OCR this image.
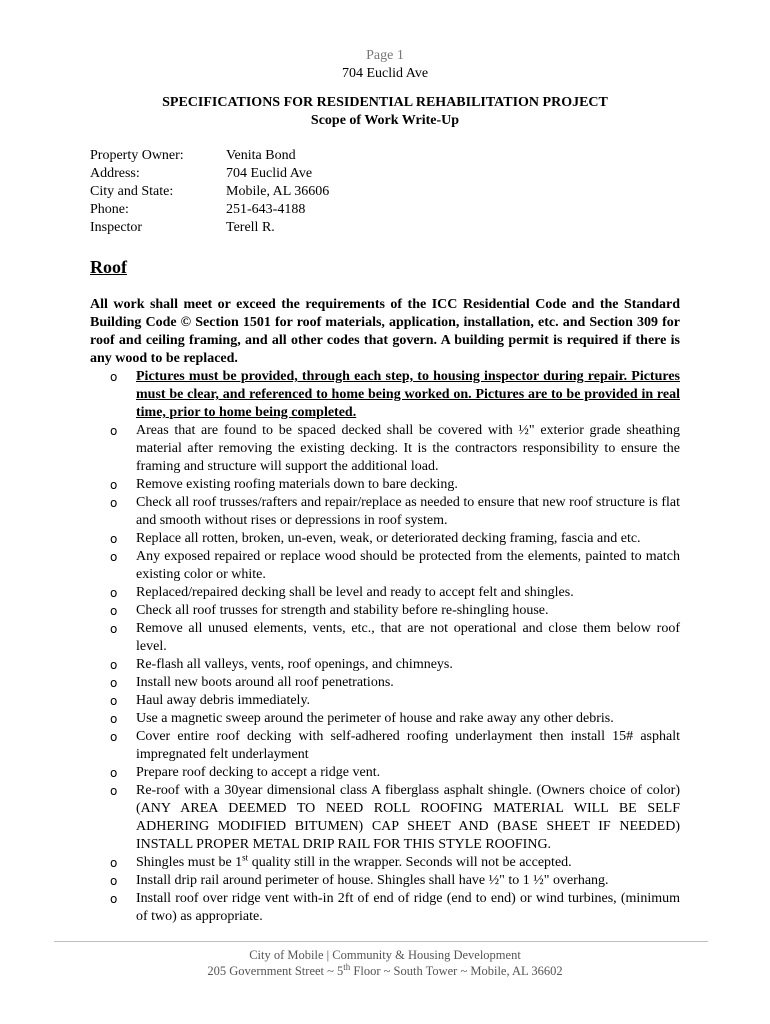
Page 1
704 Euclid Ave
SPECIFICATIONS FOR RESIDENTIAL REHABILITATION PROJECT
Scope of Work Write-Up
Property Owner:	Venita Bond
Address:	704 Euclid Ave
City and State:	Mobile, AL 36606
Phone:	251-643-4188
Inspector	Terell R.
Roof
All work shall meet or exceed the requirements of the ICC Residential Code and the Standard Building Code © Section 1501 for roof materials, application, installation, etc. and Section 309 for roof and ceiling framing, and all other codes that govern. A building permit is required if there is any wood to be replaced.
o	Pictures must be provided, through each step, to housing inspector during repair. Pictures must be clear, and referenced to home being worked on. Pictures are to be provided in real time, prior to home being completed.
o	Areas that are found to be spaced decked shall be covered with ½" exterior grade sheathing material after removing the existing decking. It is the contractors responsibility to ensure the framing and structure will support the additional load.
o	Remove existing roofing materials down to bare decking.
o	Check all roof trusses/rafters and repair/replace as needed to ensure that new roof structure is flat and smooth without rises or depressions in roof system.
o	Replace all rotten, broken, un-even, weak, or deteriorated decking framing, fascia and etc.
o	Any exposed repaired or replace wood should be protected from the elements, painted to match existing color or white.
o	Replaced/repaired decking shall be level and ready to accept felt and shingles.
o	Check all roof trusses for strength and stability before re-shingling house.
o	Remove all unused elements, vents, etc., that are not operational and close them below roof level.
o	Re-flash all valleys, vents, roof openings, and chimneys.
o	Install new boots around all roof penetrations.
o	Haul away debris immediately.
o	Use a magnetic sweep around the perimeter of house and rake away any other debris.
o	Cover entire roof decking with self-adhered roofing underlayment then install 15# asphalt impregnated felt underlayment
o	Prepare roof decking to accept a ridge vent.
o	Re-roof with a 30year dimensional class A fiberglass asphalt shingle. (Owners choice of color) (ANY AREA DEEMED TO NEED ROLL ROOFING MATERIAL WILL BE SELF ADHERING MODIFIED BITUMEN) CAP SHEET AND (BASE SHEET IF NEEDED) INSTALL PROPER METAL DRIP RAIL FOR THIS STYLE ROOFING.
o	Shingles must be 1st quality still in the wrapper. Seconds will not be accepted.
o	Install drip rail around perimeter of house. Shingles shall have ½" to 1 ½" overhang.
o	Install roof over ridge vent with-in 2ft of end of ridge (end to end) or wind turbines, (minimum of two) as appropriate.
City of Mobile | Community & Housing Development
205 Government Street ~ 5th Floor ~ South Tower ~ Mobile, AL 36602
